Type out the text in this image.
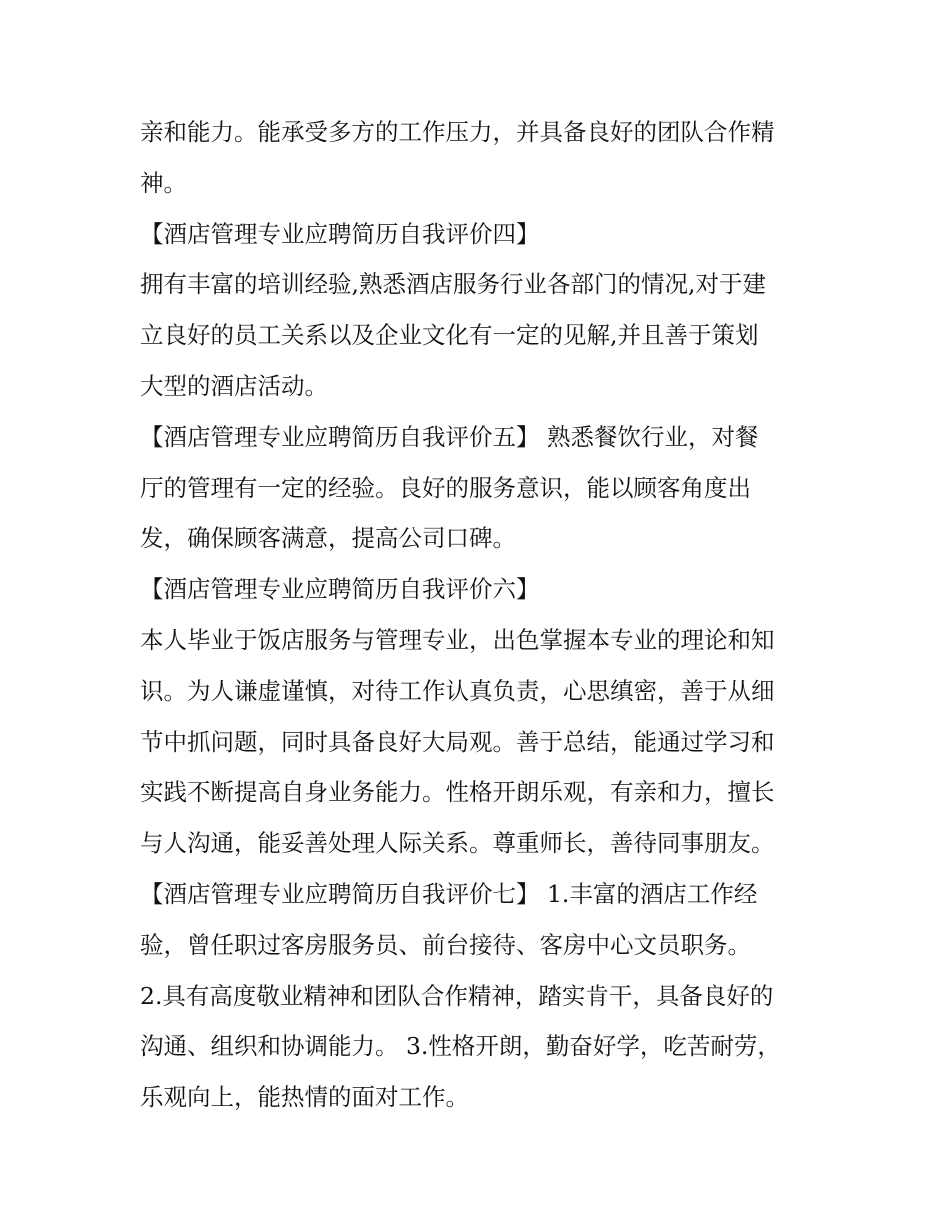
亲和能力。能承受多方的工作压力，并具备良好的团队合作精
神。
【酒店管理专业应聘简历自我评价四】
拥有丰富的培训经验,熟悉酒店服务行业各部门的情况,对于建
立良好的员工关系以及企业文化有一定的见解,并且善于策划
大型的酒店活动。
【酒店管理专业应聘简历自我评价五】 熟悉餐饮行业，对餐
厅的管理有一定的经验。良好的服务意识，能以顾客角度出
发，确保顾客满意，提高公司口碑。
【酒店管理专业应聘简历自我评价六】
本人毕业于饭店服务与管理专业，出色掌握本专业的理论和知
识。为人谦虚谨慎，对待工作认真负责，心思缜密，善于从细
节中抓问题，同时具备良好大局观。善于总结，能通过学习和
实践不断提高自身业务能力。性格开朗乐观，有亲和力，擅长
与人沟通，能妥善处理人际关系。尊重师长，善待同事朋友。
【酒店管理专业应聘简历自我评价七】 1.丰富的酒店工作经
验，曾任职过客房服务员、前台接待、客房中心文员职务。
2.具有高度敬业精神和团队合作精神，踏实肯干，具备良好的
沟通、组织和协调能力。 3.性格开朗，勤奋好学，吃苦耐劳，
乐观向上，能热情的面对工作。
